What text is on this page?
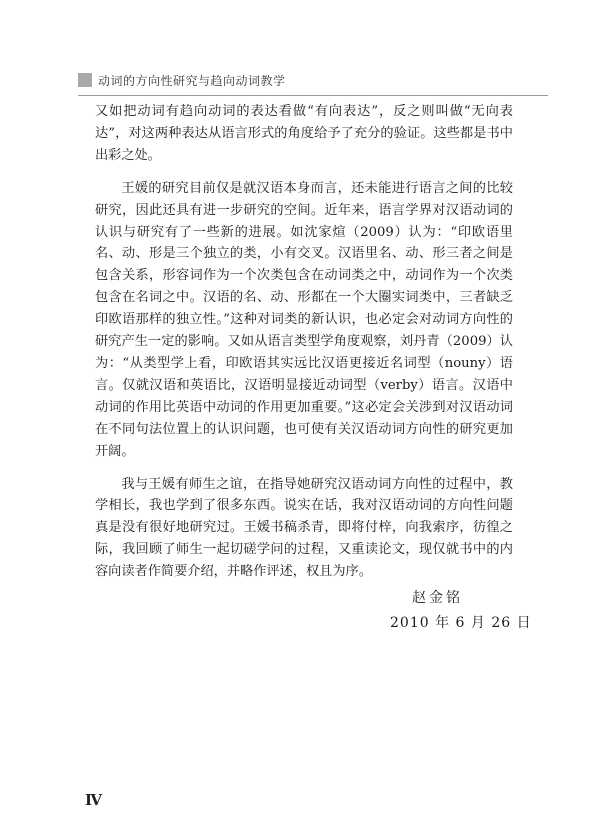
动词的方向性研究与趋向动词教学

又如把动词有趋向动词的表达看做“有向表达”，反之则叫做“无向表达”，对这两种表达从语言形式的角度给予了充分的验证。这些都是书中出彩之处。

王媛的研究目前仅是就汉语本身而言，还未能进行语言之间的比较研究，因此还具有进一步研究的空间。近年来，语言学界对汉语动词的认识与研究有了一些新的进展。如沈家煊（2009）认为：“印欧语里名、动、形是三个独立的类，小有交叉。汉语里名、动、形三者之间是包含关系，形容词作为一个次类包含在动词类之中，动词作为一个次类包含在名词之中。汉语的名、动、形都在一个大圈实词类中，三者缺乏印欧语那样的独立性。”这种对词类的新认识，也必定会对动词方向性的研究产生一定的影响。又如从语言类型学角度观察，刘丹青（2009）认为：“从类型学上看，印欧语其实远比汉语更接近名词型（nouny）语言。仅就汉语和英语比，汉语明显接近动词型（verby）语言。汉语中动词的作用比英语中动词的作用更加重要。”这必定会关涉到对汉语动词在不同句法位置上的认识问题，也可使有关汉语动词方向性的研究更加开阔。

我与王媛有师生之谊，在指导她研究汉语动词方向性的过程中，教学相长，我也学到了很多东西。说实在话，我对汉语动词的方向性问题真是没有很好地研究过。王媛书稿杀青，即将付梓，向我索序，彷徨之际，我回顾了师生一起切磋学问的过程，又重读论文，现仅就书中的内容向读者作简要介绍，并略作评述，权且为序。

赵金铭
2010 年 6 月 26 日
Ⅳ
